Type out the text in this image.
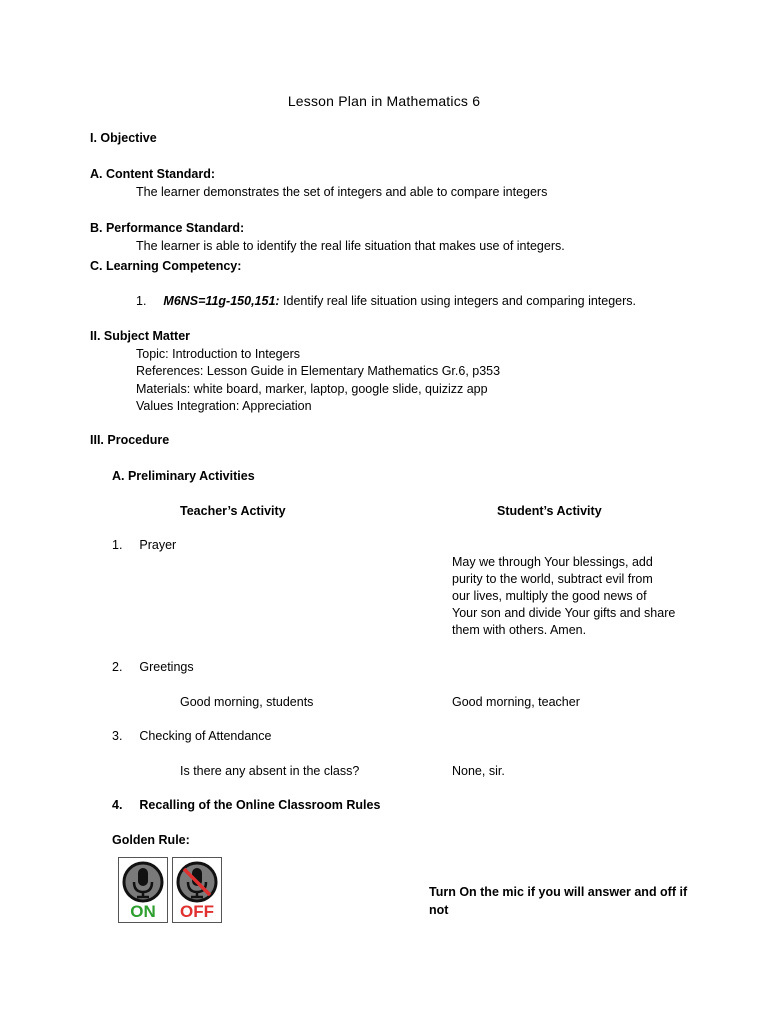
Lesson Plan in Mathematics 6
I. Objective
A. Content Standard:
The learner demonstrates the set of integers and able to compare integers
B. Performance Standard:
The learner is able to identify the real life situation that makes use of integers.
C. Learning Competency:
1. M6NS=11g-150,151: Identify real life situation using integers and comparing integers.
II. Subject Matter
Topic: Introduction to Integers
References: Lesson Guide in Elementary Mathematics Gr.6, p353
Materials: white board, marker, laptop, google slide, quizizz app
Values Integration: Appreciation
III. Procedure
A. Preliminary Activities
Teacher’s Activity	Student’s Activity
1. Prayer
May we through Your blessings, add
purity to the world, subtract evil from
our lives, multiply the good news of
Your son and divide Your gifts and share
them with others. Amen.
2. Greetings
Good morning, students	Good morning, teacher
3. Checking of Attendance
Is there any absent in the class?	None, sir.
4. Recalling of the Online Classroom Rules
Golden Rule:
ON	OFF
Turn On the mic if you will answer and off if
not
